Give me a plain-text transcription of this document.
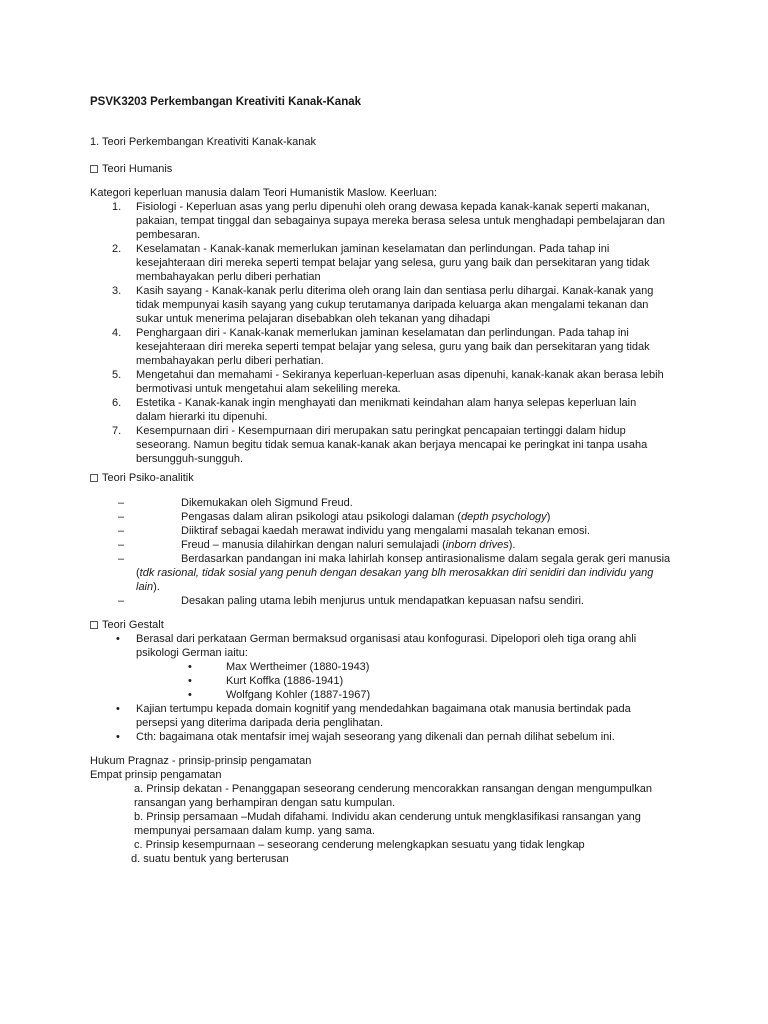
PSVK3203 Perkembangan Kreativiti Kanak-Kanak
1. Teori Perkembangan Kreativiti Kanak-kanak
Teori Humanis
Kategori keperluan manusia dalam Teori Humanistik Maslow. Keerluan:
Teori Psiko-analitik
–	Dikemukakan oleh Sigmund Freud.
–	Pengasas dalam aliran psikologi atau psikologi dalaman (depth psychology)
–	Diiktiraf sebagai kaedah merawat individu yang mengalami masalah tekanan emosi.
–	Freud – manusia dilahirkan dengan naluri semulajadi (inborn drives).
–	Berdasarkan pandangan ini maka lahirlah konsep antirasionalisme dalam segala gerak geri manusia
(tdk rasional, tidak sosial yang penuh dengan desakan yang blh merosakkan diri senidiri dan individu yang
lain).
–	Desakan paling utama lebih menjurus untuk mendapatkan kepuasan nafsu sendiri.
Teori Gestalt
• Berasal dari perkataan German bermaksud organisasi atau konfogurasi. Dipelopori oleh tiga orang ahli
psikologi German iaitu:
•	Max Wertheimer (1880-1943)
•	Kurt Koffka (1886-1941)
•	Wolfgang Kohler (1887-1967)
• Kajian tertumpu kepada domain kognitif yang mendedahkan bagaimana otak manusia bertindak pada
persepsi yang diterima daripada deria penglihatan.
• Cth: bagaimana otak mentafsir imej wajah seseorang yang dikenali dan pernah dilihat sebelum ini.
Hukum Pragnaz - prinsip-prinsip pengamatan
Empat prinsip pengamatan
a. Prinsip dekatan - Penanggapan seseorang cenderung mencorakkan ransangan dengan mengumpulkan
ransangan yang berhampiran dengan satu kumpulan.
b. Prinsip persamaan –Mudah difahami. Individu akan cenderung untuk mengklasifikasi ransangan yang
mempunyai persamaan dalam kump. yang sama.
c. Prinsip kesempurnaan – seseorang cenderung melengkapkan sesuatu yang tidak lengkap
d. suatu bentuk yang berterusan
1. Fisiologi - Keperluan asas yang perlu dipenuhi oleh orang dewasa kepada kanak-kanak seperti makanan,
pakaian, tempat tinggal dan sebagainya supaya mereka berasa selesa untuk menghadapi pembelajaran dan
pembesaran.
2. Keselamatan - Kanak-kanak memerlukan jaminan keselamatan dan perlindungan. Pada tahap ini
kesejahteraan diri mereka seperti tempat belajar yang selesa, guru yang baik dan persekitaran yang tidak
membahayakan perlu diberi perhatian
3. Kasih sayang - Kanak-kanak perlu diterima oleh orang lain dan sentiasa perlu dihargai. Kanak-kanak yang
tidak mempunyai kasih sayang yang cukup terutamanya daripada keluarga akan mengalami tekanan dan
sukar untuk menerima pelajaran disebabkan oleh tekanan yang dihadapi
4. Penghargaan diri - Kanak-kanak memerlukan jaminan keselamatan dan perlindungan. Pada tahap ini
kesejahteraan diri mereka seperti tempat belajar yang selesa, guru yang baik dan persekitaran yang tidak
membahayakan perlu diberi perhatian.
5. Mengetahui dan memahami - Sekiranya keperluan-keperluan asas dipenuhi, kanak-kanak akan berasa lebih
bermotivasi untuk mengetahui alam sekeliling mereka.
6. Estetika - Kanak-kanak ingin menghayati dan menikmati keindahan alam hanya selepas keperluan lain
dalam hierarki itu dipenuhi.
7. Kesempurnaan diri - Kesempurnaan diri merupakan satu peringkat pencapaian tertinggi dalam hidup
seseorang. Namun begitu tidak semua kanak-kanak akan berjaya mencapai ke peringkat ini tanpa usaha
bersungguh-sungguh.
